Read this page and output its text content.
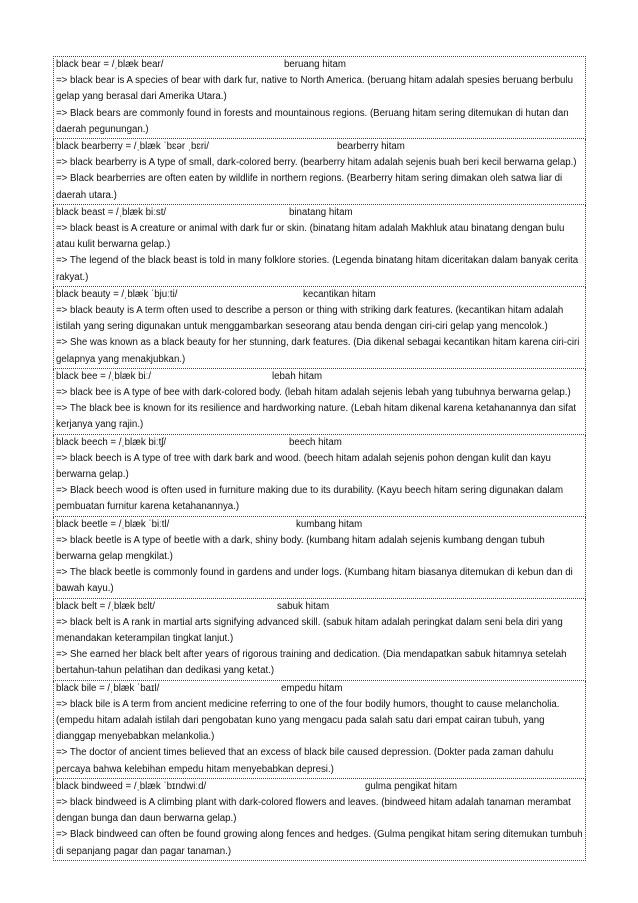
black bear = /ˌblæk bear/	beruang hitam
=> black bear is A species of bear with dark fur, native to North America. (beruang hitam adalah spesies beruang berbulu gelap yang berasal dari Amerika Utara.)
=> Black bears are commonly found in forests and mountainous regions. (Beruang hitam sering ditemukan di hutan dan daerah pegunungan.)
black bearberry = /ˌblæk ˈbɛər ˌbɛri/	bearberry hitam
=> black bearberry is A type of small, dark-colored berry. (bearberry hitam adalah sejenis buah beri kecil berwarna gelap.)
=> Black bearberries are often eaten by wildlife in northern regions. (Bearberry hitam sering dimakan oleh satwa liar di daerah utara.)
black beast = /ˌblæk biːst/	binatang hitam
=> black beast is A creature or animal with dark fur or skin. (binatang hitam adalah Makhluk atau binatang dengan bulu atau kulit berwarna gelap.)
=> The legend of the black beast is told in many folklore stories. (Legenda binatang hitam diceritakan dalam banyak cerita rakyat.)
black beauty = /ˌblæk ˈbjuːti/	kecantikan hitam
=> black beauty is A term often used to describe a person or thing with striking dark features. (kecantikan hitam adalah istilah yang sering digunakan untuk menggambarkan seseorang atau benda dengan ciri-ciri gelap yang mencolok.)
=> She was known as a black beauty for her stunning, dark features. (Dia dikenal sebagai kecantikan hitam karena ciri-ciri gelapnya yang menakjubkan.)
black bee = /ˌblæk biː/	lebah hitam
=> black bee is A type of bee with dark-colored body. (lebah hitam adalah sejenis lebah yang tubuhnya berwarna gelap.)
=> The black bee is known for its resilience and hardworking nature. (Lebah hitam dikenal karena ketahanannya dan sifat kerjanya yang rajin.)
black beech = /ˌblæk biːtʃ/	beech hitam
=> black beech is A type of tree with dark bark and wood. (beech hitam adalah sejenis pohon dengan kulit dan kayu berwarna gelap.)
=> Black beech wood is often used in furniture making due to its durability. (Kayu beech hitam sering digunakan dalam pembuatan furnitur karena ketahanannya.)
black beetle = /ˌblæk ˈbiːtl/	kumbang hitam
=> black beetle is A type of beetle with a dark, shiny body. (kumbang hitam adalah sejenis kumbang dengan tubuh berwarna gelap mengkilat.)
=> The black beetle is commonly found in gardens and under logs. (Kumbang hitam biasanya ditemukan di kebun dan di bawah kayu.)
black belt = /ˌblæk bɛlt/	sabuk hitam
=> black belt is A rank in martial arts signifying advanced skill. (sabuk hitam adalah peringkat dalam seni bela diri yang menandakan keterampilan tingkat lanjut.)
=> She earned her black belt after years of rigorous training and dedication. (Dia mendapatkan sabuk hitamnya setelah bertahun-tahun pelatihan dan dedikasi yang ketat.)
black bile = /ˌblæk ˈbaɪl/	empedu hitam
=> black bile is A term from ancient medicine referring to one of the four bodily humors, thought to cause melancholia. (empedu hitam adalah istilah dari pengobatan kuno yang mengacu pada salah satu dari empat cairan tubuh, yang dianggap menyebabkan melankolia.)
=> The doctor of ancient times believed that an excess of black bile caused depression. (Dokter pada zaman dahulu percaya bahwa kelebihan empedu hitam menyebabkan depresi.)
black bindweed = /ˌblæk ˈbɪndwiːd/	gulma pengikat hitam
=> black bindweed is A climbing plant with dark-colored flowers and leaves. (bindweed hitam adalah tanaman merambat dengan bunga dan daun berwarna gelap.)
=> Black bindweed can often be found growing along fences and hedges. (Gulma pengikat hitam sering ditemukan tumbuh di sepanjang pagar dan pagar tanaman.)
